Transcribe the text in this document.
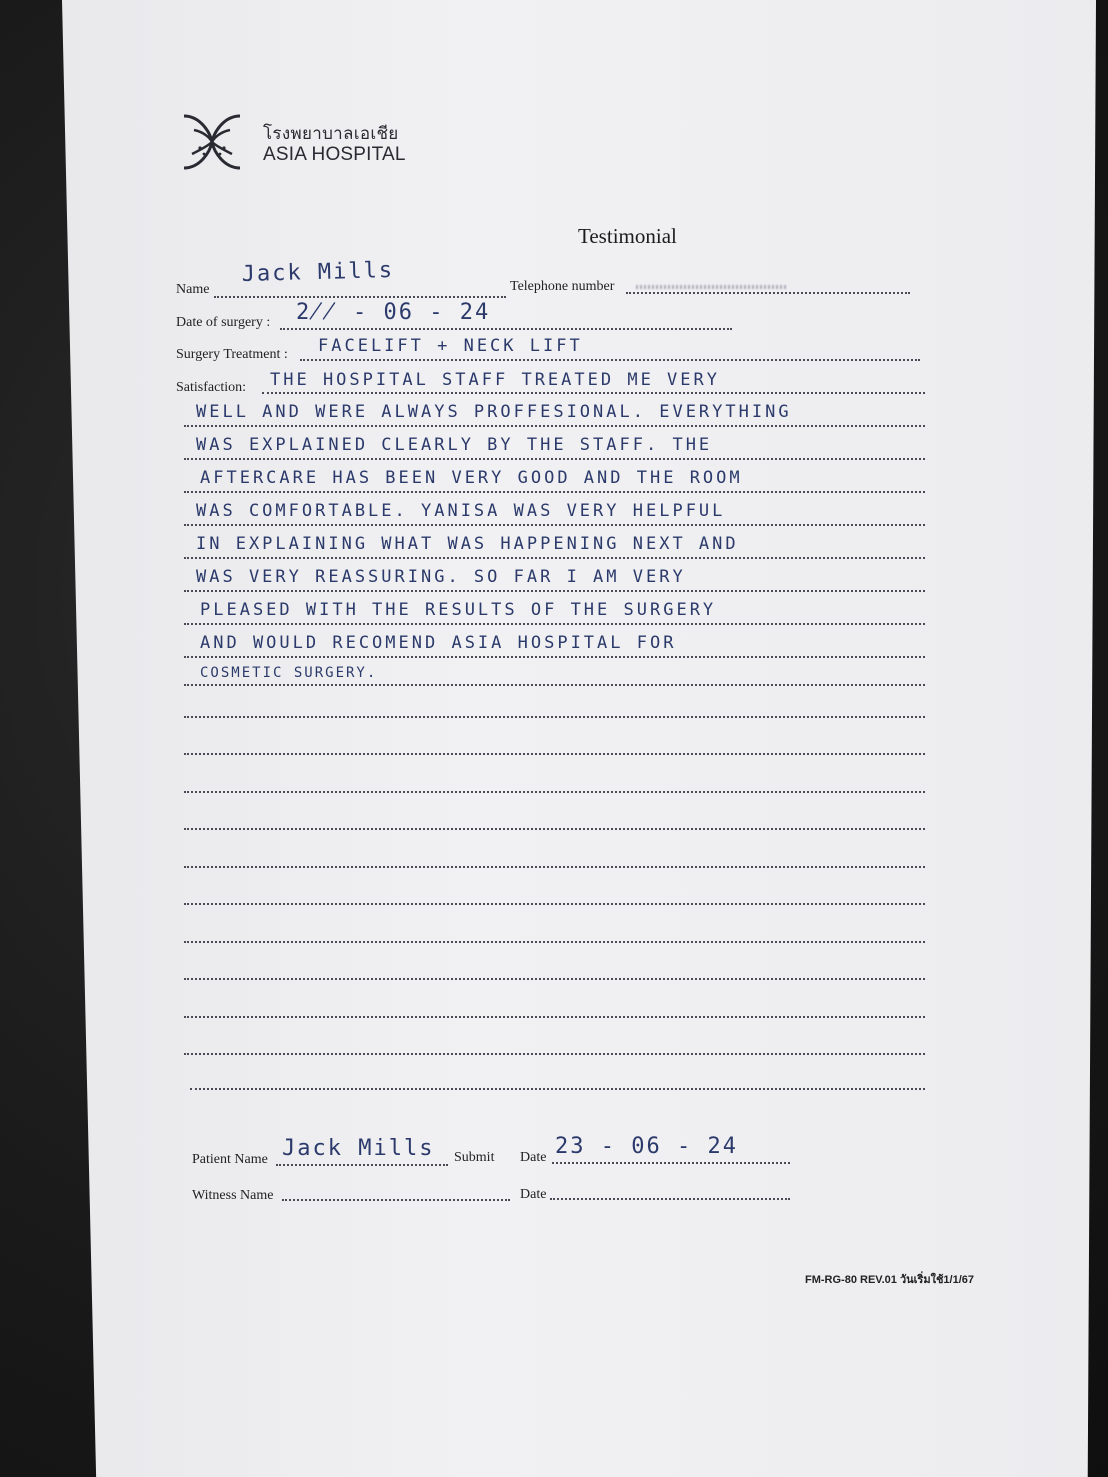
โรงพยาบาลเอเชีย
ASIA HOSPITAL
Testimonial
Name
Jack Mills	Telephone number
Date of surgery : 2̸̸ - 06 - 24
Surgery Treatment : FACELIFT + NECK LIFT
Satisfaction: THE HOSPITAL STAFF TREATED ME VERY
WELL AND WERE ALWAYS PROFFESIONAL. EVERYTHING
WAS EXPLAINED CLEARLY BY THE STAFF. THE
AFTERCARE HAS BEEN VERY GOOD AND THE ROOM
WAS COMFORTABLE. YANISA WAS VERY HELPFUL
IN EXPLAINING WHAT WAS HAPPENING NEXT AND
WAS VERY REASSURING. SO FAR I AM VERY
PLEASED WITH THE RESULTS OF THE SURGERY
AND WOULD RECOMEND ASIA HOSPITAL FOR
COSMETIC SURGERY.
Patient Name Jack Mills Submit Date 23 - 06 - 24
Witness Name	Date
FM-RG-80 REV.01 วันเริ่มใช้1/1/67
